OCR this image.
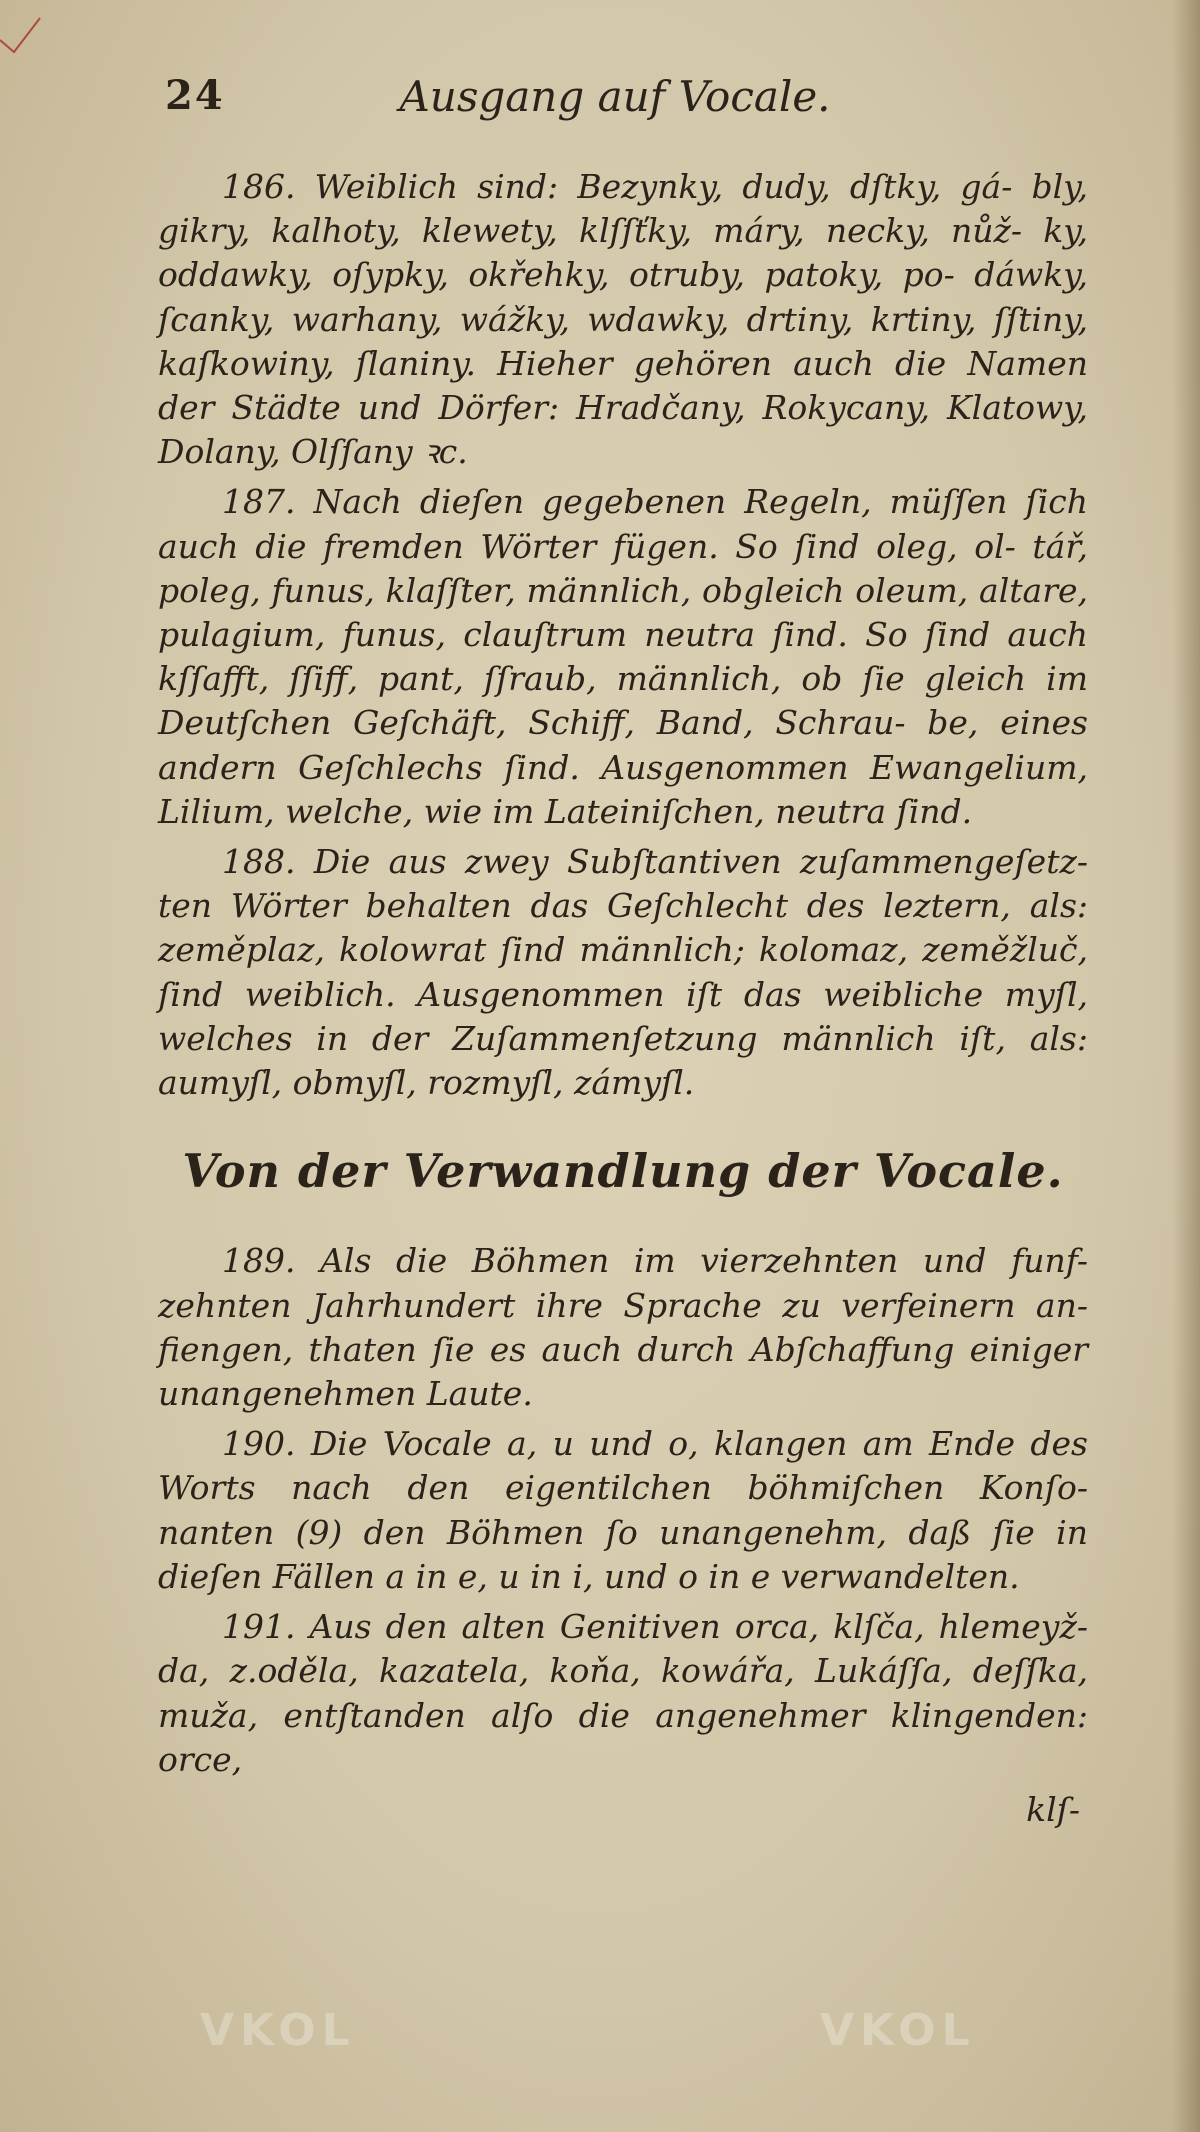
24	Ausgang auf Vocale.

186. Weiblich sind: Bezynky, dudy, dſtky, gá- bly, gikry, kalhoty, klewety, klſſťky, máry, necky, nůž- ky, oddawky, oſypky, okřehky, otruby, patoky, po- dáwky, ſcanky, warhany, wážky, wdawky, drtiny, krtiny, ſſtiny, kaſkowiny, ſlaniny. Hieher gehören auch die Namen der Städte und Dörfer: Hradčany, Rokycany, Klatowy, Dolany, Olſſany ꝛc.

187. Nach dieſen gegebenen Regeln, müſſen ſich auch die fremden Wörter fügen. So ſind oleg, ol- tář, poleg, funus, klaſſter, männlich, obgleich oleum, altare, pulagium, funus, clauſtrum neutra ſind. So ſind auch kſſafft, ſſiff, pant, ſſraub, männlich, ob ſie gleich im Deutſchen Geſchäft, Schiff, Band, Schrau- be, eines andern Geſchlechs ſind. Ausgenommen Ewangelium, Lilium, welche, wie im Lateiniſchen, neutra ſind.

188. Die aus zwey Subſtantiven zuſammengeſetz- ten Wörter behalten das Geſchlecht des leztern, als: zeměplaz, kolowrat ſind männlich; kolomaz, zeměžluč, ſind weiblich. Ausgenommen iſt das weibliche myſl, welches in der Zuſammenſetzung männlich iſt, als: aumyſl, obmyſl, rozmyſl, zámyſl.

Von der Verwandlung der Vocale.

189. Als die Böhmen im vierzehnten und funf- zehnten Jahrhundert ihre Sprache zu verfeinern an- fiengen, thaten ſie es auch durch Abſchaffung einiger unangenehmen Laute.

190. Die Vocale a, u und o, klangen am Ende des Worts nach den eigentilchen böhmiſchen Konſo- nanten (9) den Böhmen ſo unangenehm, daß ſie in dieſen Fällen a in e, u in i, und o in e verwandelten.

191. Aus den alten Genitiven orca, klſča, hlemeyž- da, z.oděla, kazatela, koňa, kowářa, Lukáſſa, deſſka, muža, entſtanden alſo die angenehmer klingenden: orce,

klſ-
VKOL	VKOL
